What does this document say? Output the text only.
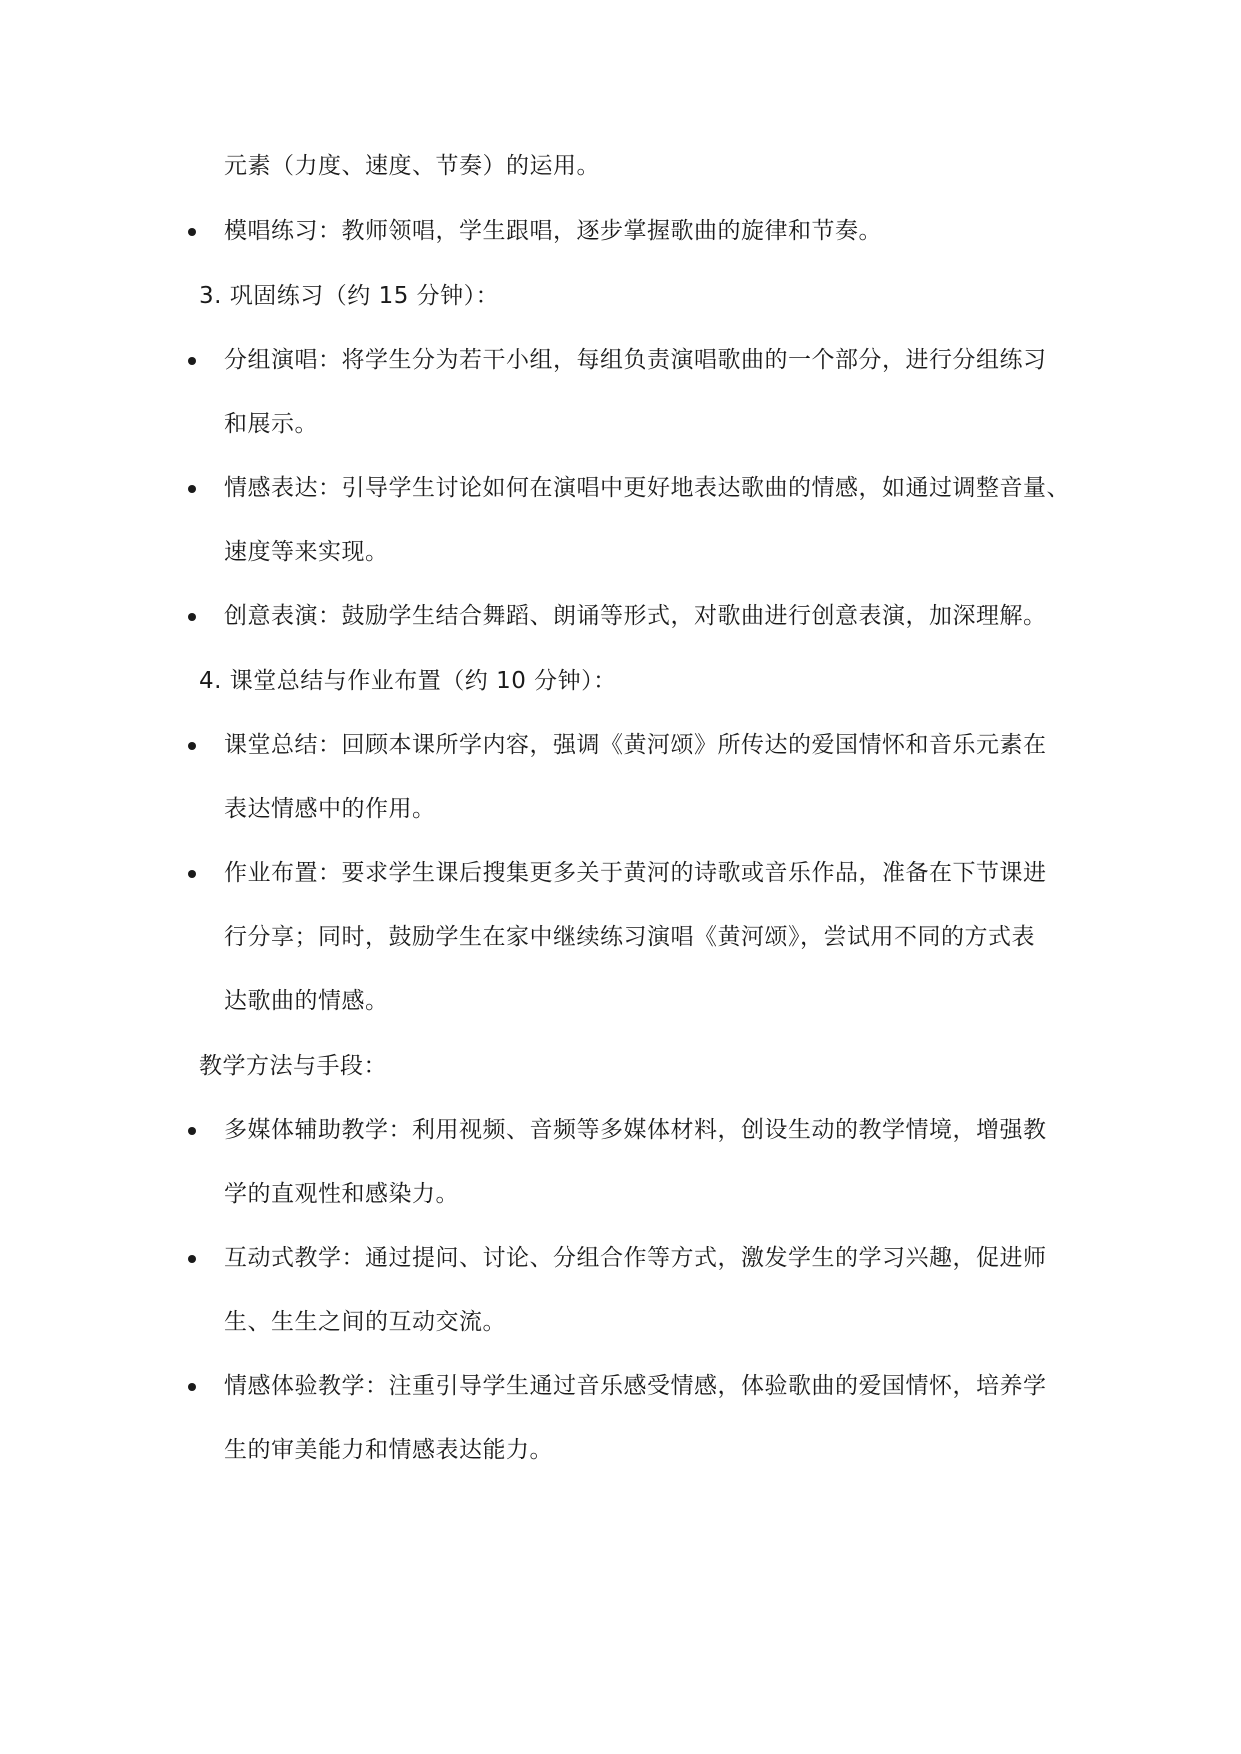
元素（力度、速度、节奏）的运用。
模唱练习：教师领唱，学生跟唱，逐步掌握歌曲的旋律和节奏。
3. 巩固练习（约 15 分钟）：
分组演唱：将学生分为若干小组，每组负责演唱歌曲的一个部分，进行分组练习
和展示。
情感表达：引导学生讨论如何在演唱中更好地表达歌曲的情感，如通过调整音量、
速度等来实现。
创意表演：鼓励学生结合舞蹈、朗诵等形式，对歌曲进行创意表演，加深理解。
4. 课堂总结与作业布置（约 10 分钟）：
课堂总结：回顾本课所学内容，强调《黄河颂》所传达的爱国情怀和音乐元素在
表达情感中的作用。
作业布置：要求学生课后搜集更多关于黄河的诗歌或音乐作品，准备在下节课进
行分享；同时，鼓励学生在家中继续练习演唱《黄河颂》，尝试用不同的方式表
达歌曲的情感。
教学方法与手段：
多媒体辅助教学：利用视频、音频等多媒体材料，创设生动的教学情境，增强教
学的直观性和感染力。
互动式教学：通过提问、讨论、分组合作等方式，激发学生的学习兴趣，促进师
生、生生之间的互动交流。
情感体验教学：注重引导学生通过音乐感受情感，体验歌曲的爱国情怀，培养学
生的审美能力和情感表达能力。
